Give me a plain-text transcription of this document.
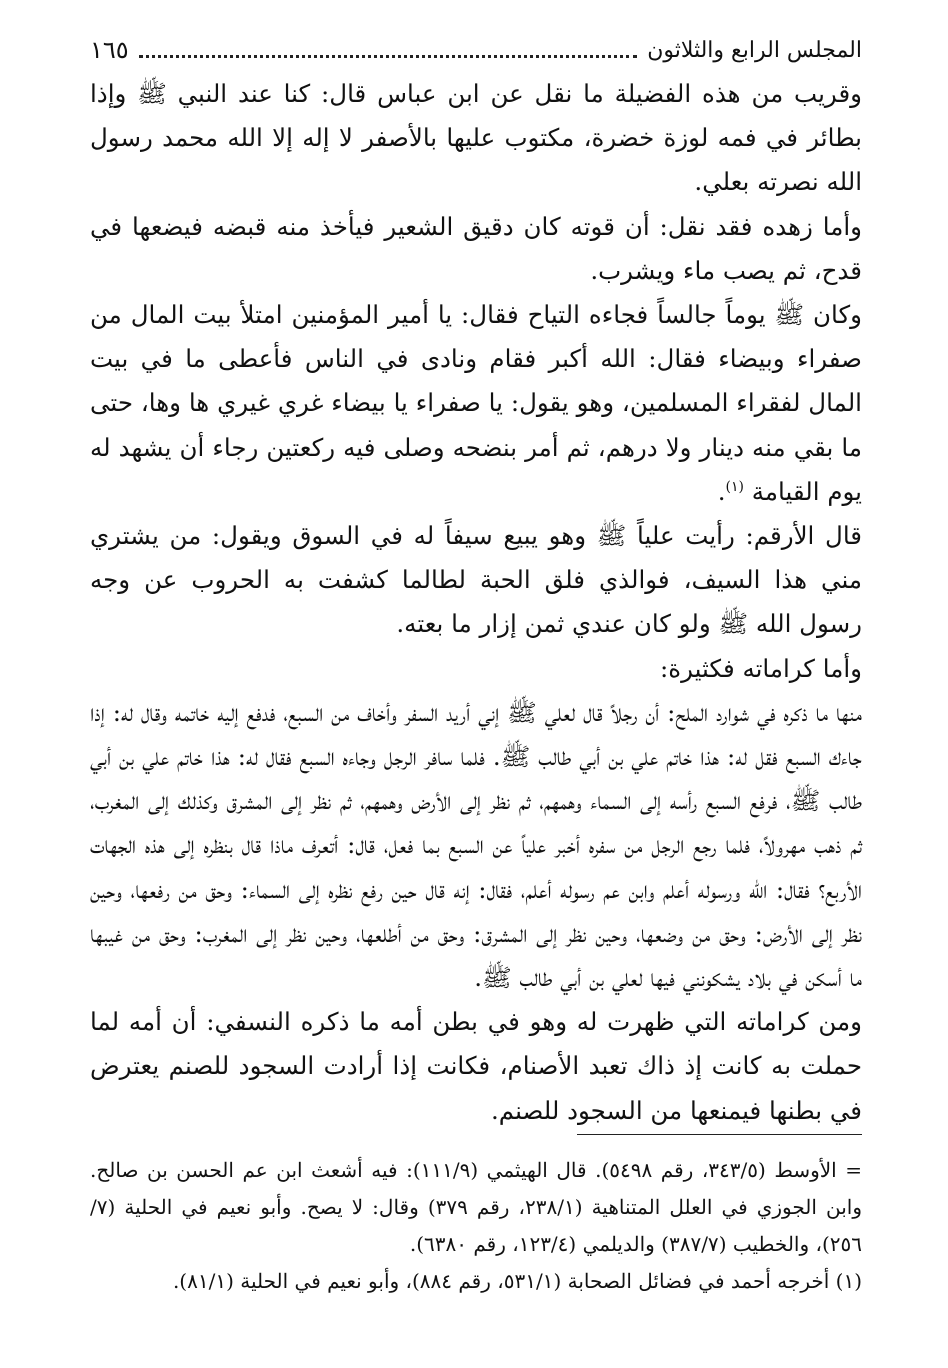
المجلس الرابع والثلاثون
١٦٥

وقريب من هذه الفضيلة ما نقل عن ابن عباس قال: كنا عند النبي ﷺ وإذا بطائر في فمه لوزة خضرة، مكتوب عليها بالأصفر لا إله إلا الله محمد رسول الله نصرته بعلي.

وأما زهده فقد نقل: أن قوته كان دقيق الشعير فيأخذ منه قبضه فيضعها في قدح، ثم يصب ماء ويشرب.

وكان ﷺ يوماً جالساً فجاءه التياح فقال: يا أمير المؤمنين امتلأ بيت المال من صفراء وبيضاء فقال: الله أكبر فقام ونادى في الناس فأعطى ما في بيت المال لفقراء المسلمين، وهو يقول: يا صفراء يا بيضاء غري غيري ها وها، حتى ما بقي منه دينار ولا درهم، ثم أمر بنضحه وصلى فيه ركعتين رجاء أن يشهد له يوم القيامة $^{(١)}$.

قال الأرقم: رأيت علياً ﷺ وهو يبيع سيفاً له في السوق ويقول: من يشتري مني هذا السيف، فوالذي فلق الحبة لطالما كشفت به الحروب عن وجه رسول الله ﷺ ولو كان عندي ثمن إزار ما بعته.

وأما كراماته فكثيرة:

منها ما ذكره في شوارد الملح: أن رجلاً قال لعلي ﷺ إني أريد السفر وأخاف من السبع، فدفع إليه خاتمه وقال له: إذا جاءك السبع فقل له: هذا خاتم علي بن أبي طالب ﷺ. فلما سافر الرجل وجاءه السبع فقال له: هذا خاتم علي بن أبي طالب ﷺ، فرفع السبع رأسه إلى السماء وهمهم، ثم نظر إلى الأرض وهمهم، ثم نظر إلى المشرق وكذلك إلى المغرب، ثم ذهب مهرولاً، فلما رجع الرجل من سفره أخبر علياً عن السبع بما فعل، قال: أتعرف ماذا قال بنظره إلى هذه الجهات الأربع؟ فقال: الله ورسوله أعلم وابن عم رسوله أعلم، فقال: إنه قال حين رفع نظره إلى السماء: وحق من رفعها، وحين نظر إلى الأرض: وحق من وضعها، وحين نظر إلى المشرق: وحق من أطلعها، وحين نظر إلى المغرب: وحق من غيبها ما أسكن في بلاد يشكونني فيها لعلي بن أبي طالب ﷺ.

ومن كراماته التي ظهرت له وهو في بطن أمه ما ذكره النسفي: أن أمه لما حملت به كانت إذ ذاك تعبد الأصنام، فكانت إذا أرادت السجود للصنم يعترض في بطنها فيمنعها من السجود للصنم.

= الأوسط (٣٤٣/٥، رقم ٥٤٩٨). قال الهيثمي (١١١/٩): فيه أشعث ابن عم الحسن بن صالح. وابن الجوزي في العلل المتناهية (٢٣٨/١، رقم ٣٧٩) وقال: لا يصح. وأبو نعيم في الحلية (٧/ ٢٥٦)، والخطيب (٣٨٧/٧) والديلمي (١٢٣/٤، رقم ٦٣٨٠).

(١) أخرجه أحمد في فضائل الصحابة (٥٣١/١، رقم ٨٨٤)، وأبو نعيم في الحلية (٨١/١).
